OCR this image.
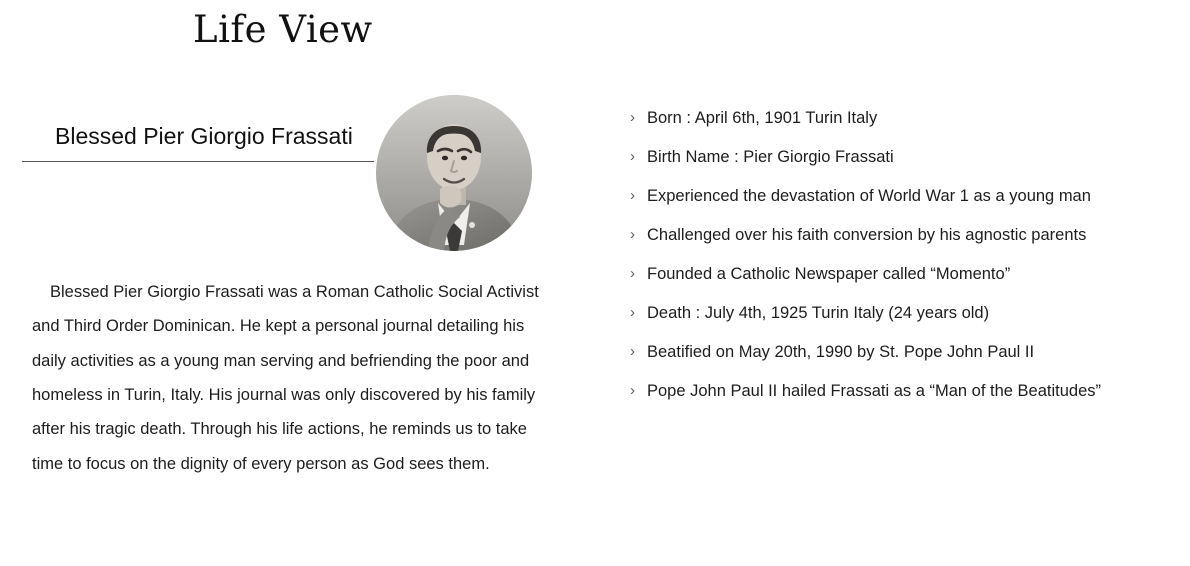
Life View
Blessed Pier Giorgio Frassati

Blessed Pier Giorgio Frassati was a Roman Catholic Social Activist and Third Order Dominican. He kept a personal journal detailing his daily activities as a young man serving and befriending the poor and homeless in Turin, Italy. His journal was only discovered by his family after his tragic death. Through his life actions, he reminds us to take time to focus on the dignity of every person as God sees them.

› Born : April 6th, 1901 Turin Italy
› Birth Name : Pier Giorgio Frassati
› Experienced the devastation of World War 1 as a young man
› Challenged over his faith conversion by his agnostic parents
› Founded a Catholic Newspaper called “Momento”
› Death : July 4th, 1925 Turin Italy (24 years old)
› Beatified on May 20th, 1990 by St. Pope John Paul II
› Pope John Paul II hailed Frassati as a “Man of the Beatitudes”
